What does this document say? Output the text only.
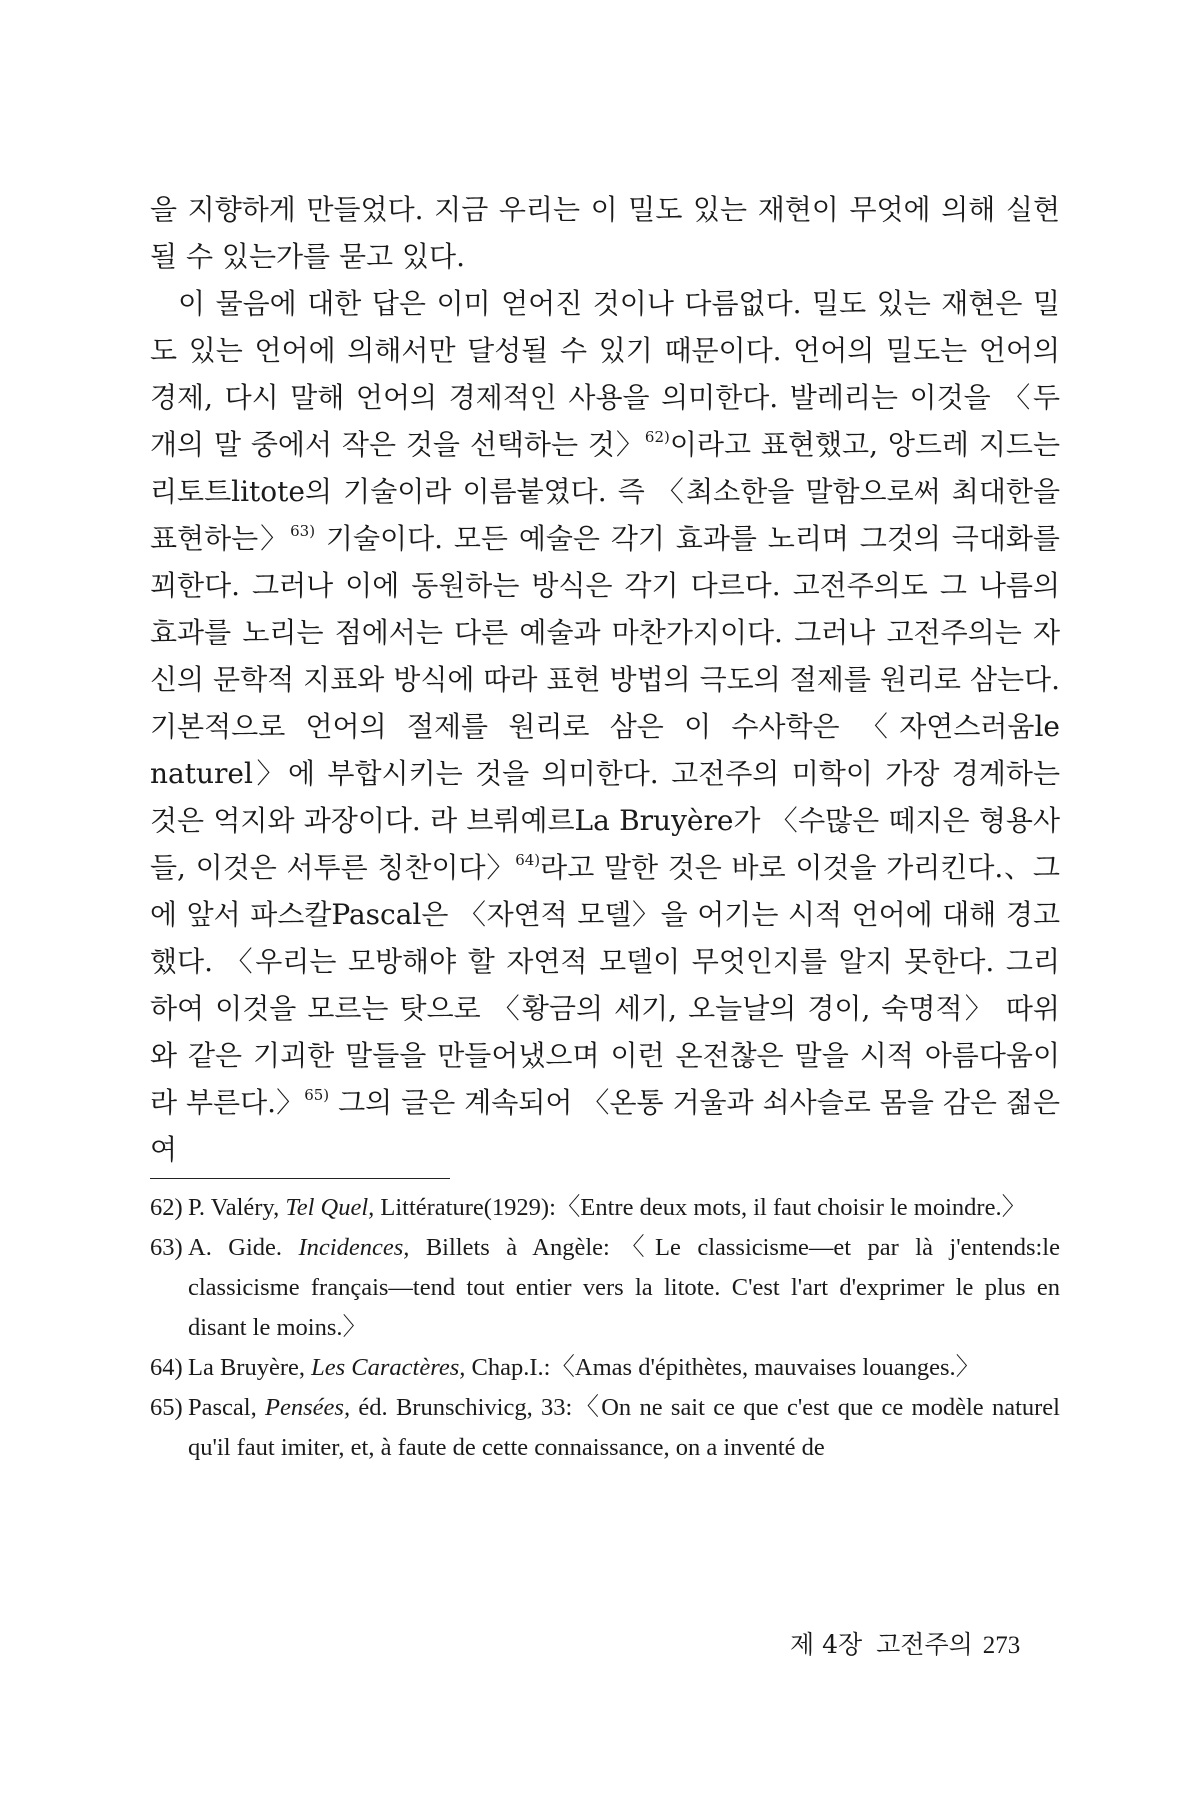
을 지향하게 만들었다. 지금 우리는 이 밀도 있는 재현이 무엇에 의해 실현될 수 있는가를 묻고 있다.

이 물음에 대한 답은 이미 얻어진 것이나 다름없다. 밀도 있는 재현은 밀도 있는 언어에 의해서만 달성될 수 있기 때문이다. 언어의 밀도는 언어의 경제, 다시 말해 언어의 경제적인 사용을 의미한다. 발레리는 이것을 〈두 개의 말 중에서 작은 것을 선택하는 것〉$^{62)}$이라고 표현했고, 앙드레 지드는 리토트litote의 기술이라 이름붙였다. 즉 〈최소한을 말함으로써 최대한을 표현하는〉$^{63)}$ 기술이다. 모든 예술은 각기 효과를 노리며 그것의 극대화를 꾀한다. 그러나 이에 동원하는 방식은 각기 다르다. 고전주의도 그 나름의 효과를 노리는 점에서는 다른 예술과 마찬가지이다. 그러나 고전주의는 자신의 문학적 지표와 방식에 따라 표현 방법의 극도의 절제를 원리로 삼는다. 기본적으로 언어의 절제를 원리로 삼은 이 수사학은 〈자연스러움le naturel〉에 부합시키는 것을 의미한다. 고전주의 미학이 가장 경계하는 것은 억지와 과장이다. 라 브뤼예르La Bruyère가 〈수많은 떼지은 형용사들, 이것은 서투른 칭찬이다〉$^{64)}$라고 말한 것은 바로 이것을 가리킨다.、그에 앞서 파스칼Pascal은 〈자연적 모델〉을 어기는 시적 언어에 대해 경고했다. 〈우리는 모방해야 할 자연적 모델이 무엇인지를 알지 못한다. 그리하여 이것을 모르는 탓으로 〈황금의 세기, 오늘날의 경이, 숙명적〉 따위와 같은 기괴한 말들을 만들어냈으며 이런 온전찮은 말을 시적 아름다움이라 부른다.〉$^{65)}$ 그의 글은 계속되어 〈온통 거울과 쇠사슬로 몸을 감은 젊은 여

62) P. Valéry, Tel Quel, Littérature(1929):〈Entre deux mots, il faut choisir le moindre.〉

63) A. Gide. Incidences, Billets à Angèle:〈Le classicisme—et par là j'entends:le classicisme français—tend tout entier vers la litote. C'est l'art d'exprimer le plus en disant le moins.〉

64) La Bruyère, Les Caractères, Chap.I.:〈Amas d'épithètes, mauvaises louanges.〉

65) Pascal, Pensées, éd. Brunschivicg, 33:〈On ne sait ce que c'est que ce modèle naturel qu'il faut imiter, et, à faute de cette connaissance, on a inventé de

제 4장 고전주의 273
